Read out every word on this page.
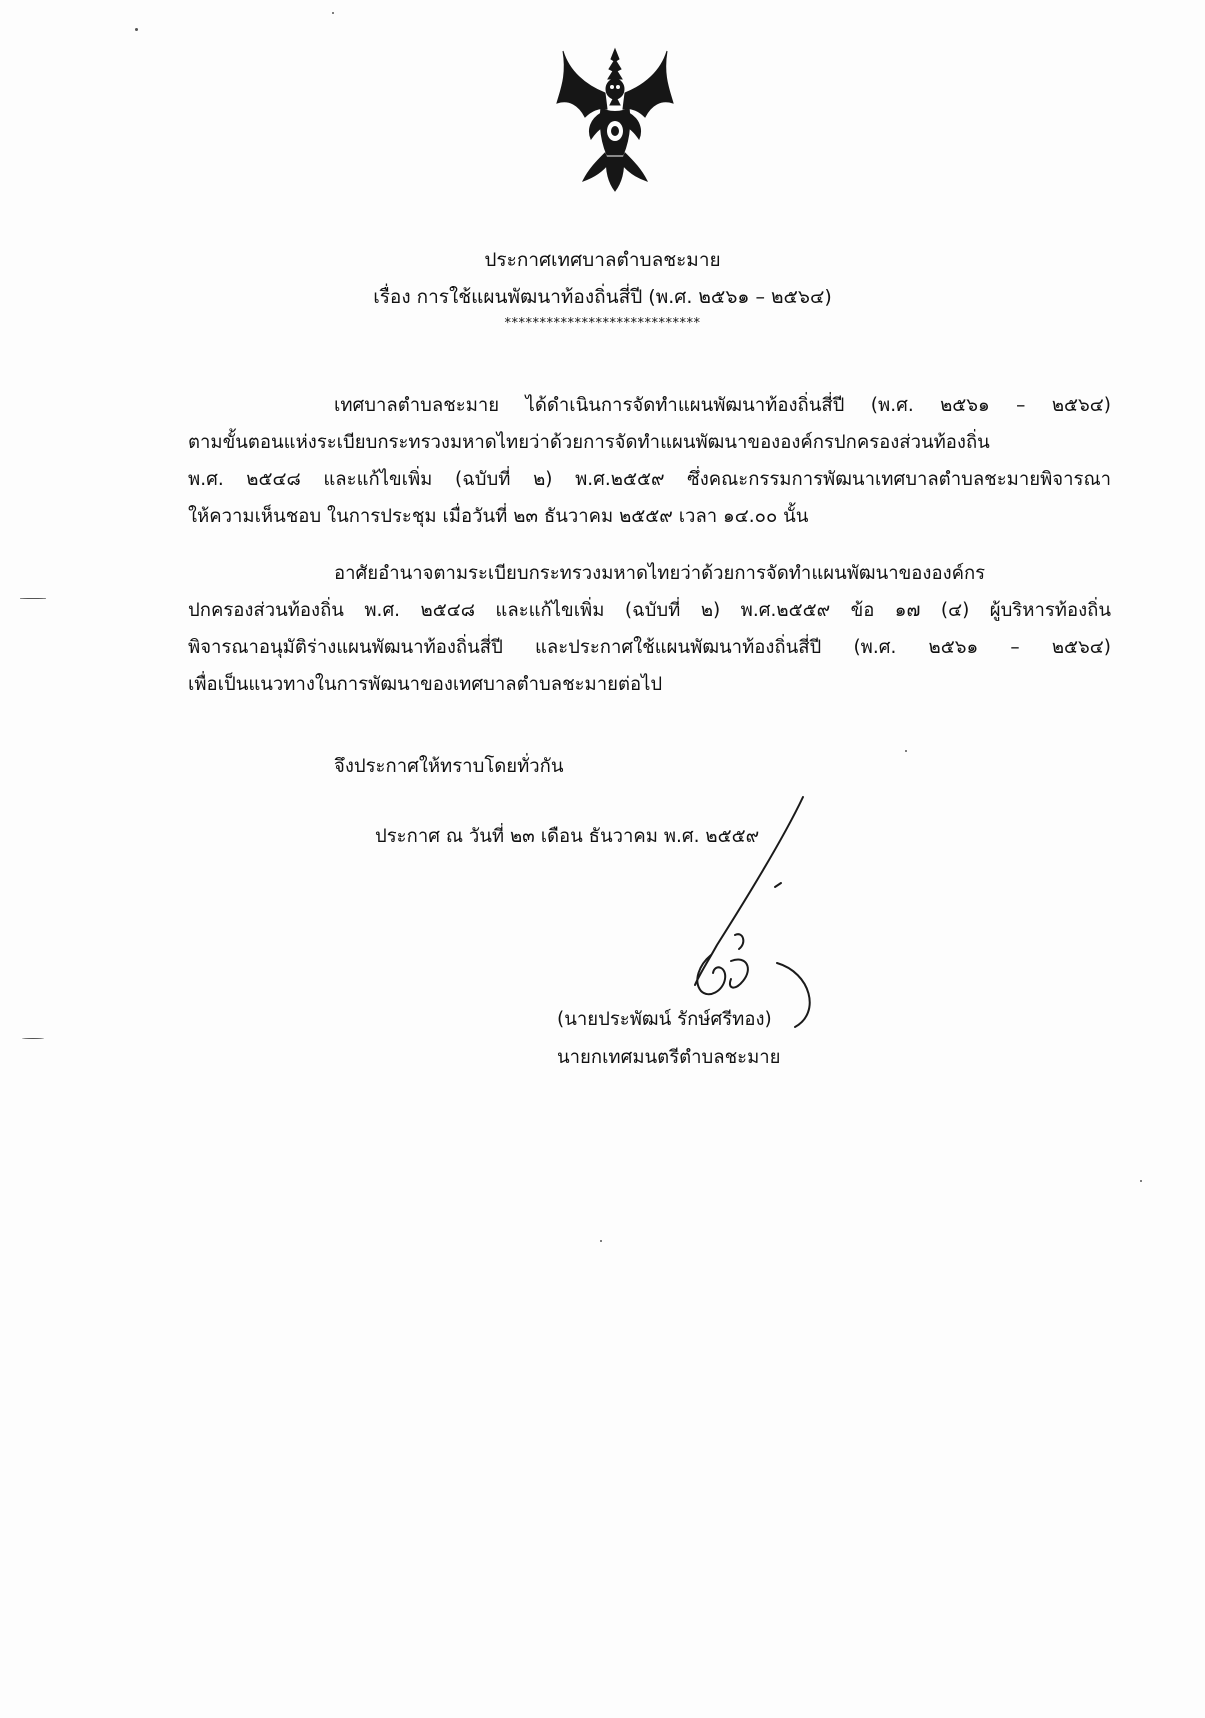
ประกาศเทศบาลตำบลชะมาย
เรื่อง การใช้แผนพัฒนาท้องถิ่นสี่ปี (พ.ศ. ๒๕๖๑ – ๒๕๖๔)
****************************
เทศบาลตำบลชะมาย ได้ดำเนินการจัดทำแผนพัฒนาท้องถิ่นสี่ปี (พ.ศ. ๒๕๖๑ – ๒๕๖๔)
ตามขั้นตอนแห่งระเบียบกระทรวงมหาดไทยว่าด้วยการจัดทำแผนพัฒนาขององค์กรปกครองส่วนท้องถิ่น
พ.ศ. ๒๕๔๘ และแก้ไขเพิ่ม (ฉบับที่ ๒) พ.ศ.๒๕๕๙ ซึ่งคณะกรรมการพัฒนาเทศบาลตำบลชะมายพิจารณา
ให้ความเห็นชอบ ในการประชุม เมื่อวันที่ ๒๓ ธันวาคม ๒๕๕๙ เวลา ๑๔.๐๐ นั้น
อาศัยอำนาจตามระเบียบกระทรวงมหาดไทยว่าด้วยการจัดทำแผนพัฒนาขององค์กร
ปกครองส่วนท้องถิ่น พ.ศ. ๒๕๔๘ และแก้ไขเพิ่ม (ฉบับที่ ๒) พ.ศ.๒๕๕๙ ข้อ ๑๗ (๔) ผู้บริหารท้องถิ่น
พิจารณาอนุมัติร่างแผนพัฒนาท้องถิ่นสี่ปี และประกาศใช้แผนพัฒนาท้องถิ่นสี่ปี (พ.ศ. ๒๕๖๑ – ๒๕๖๔)
เพื่อเป็นแนวทางในการพัฒนาของเทศบาลตำบลชะมายต่อไป
จึงประกาศให้ทราบโดยทั่วกัน
ประกาศ ณ วันที่ ๒๓ เดือน ธันวาคม พ.ศ. ๒๕๕๙
(นายประพัฒน์ รักษ์ศรีทอง)
นายกเทศมนตรีตำบลชะมาย
